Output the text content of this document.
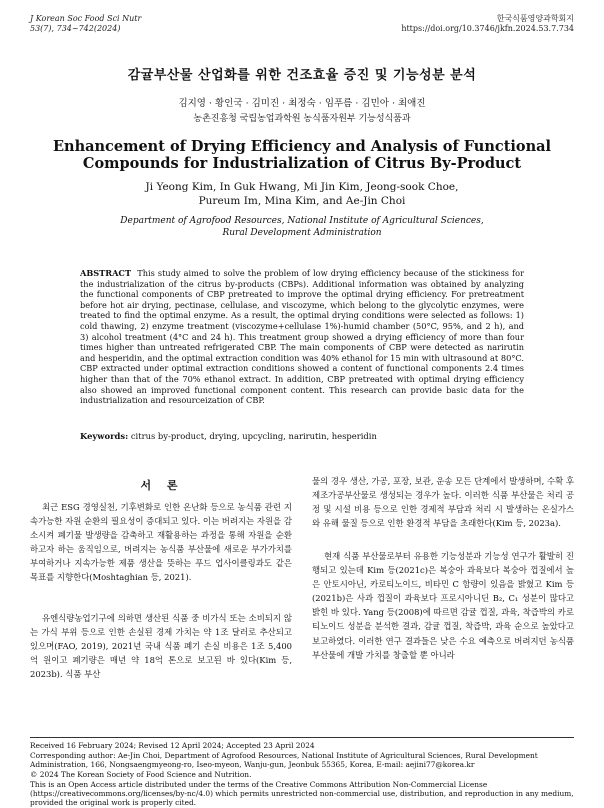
J Korean Soc Food Sci Nutr
53(7), 734~742(2024)
한국식품영양과학회지
https://doi.org/10.3746/jkfn.2024.53.7.734
감귤부산물 산업화를 위한 건조효율 증진 및 기능성분 분석
김지영 · 황인국 · 김미진 · 최정숙 · 임푸름 · 김민아 · 최애진
농촌진흥청 국립농업과학원 농식품자원부 기능성식품과
Enhancement of Drying Efficiency and Analysis of Functional
Compounds for Industrialization of Citrus By-Product
Ji Yeong Kim, In Guk Hwang, Mi Jin Kim, Jeong-sook Choe,
Pureum Im, Mina Kim, and Ae-Jin Choi
Department of Agrofood Resources, National Institute of Agricultural Sciences,
Rural Development Administration
ABSTRACT This study aimed to solve the problem of low drying efficiency because of the stickiness for the industrialization of the citrus by-products (CBPs). Additional information was obtained by analyzing the functional components of CBP pretreated to improve the optimal drying efficiency. For pretreatment before hot air drying, pectinase, cellulase, and viscozyme, which belong to the glycolytic enzymes, were treated to find the optimal enzyme. As a result, the optimal drying conditions were selected as follows: 1) cold thawing, 2) enzyme treatment (viscozyme+cellulase 1%)-humid chamber (50°C, 95%, and 2 h), and 3) alcohol treatment (4°C and 24 h). This treatment group showed a drying efficiency of more than four times higher than untreated refrigerated CBP. The main components of CBP were detected as narirutin and hesperidin, and the optimal extraction condition was 40% ethanol for 15 min with ultrasound at 80°C. CBP extracted under optimal extraction conditions showed a content of functional components 2.4 times higher than that of the 70% ethanol extract. In addition, CBP pretreated with optimal drying efficiency also showed an improved functional component content. This research can provide basic data for the industrialization and resourceization of CBP.
Keywords: citrus by-product, drying, upcycling, narirutin, hesperidin
서 론

최근 ESG 경영실천, 기후변화로 인한 온난화 등으로 농식품 관련 지속가능한 자원 순환의 필요성이 증대되고 있다. 이는 버려지는 자원을 감소시켜 폐기물 발생량을 감축하고 재활용하는 과정을 통해 자원을 순환하고자 하는 움직임으로, 버려지는 농식품 부산물에 새로운 부가가치를 부여하거나 지속가능한 제품 생산을 뜻하는 푸드 업사이클링과도 같은 목표를 지향한다(Moshtaghian 등, 2021).

유엔식량농업기구에 의하면 생산된 식품 중 비가식 또는 소비되지 않는 가식 부위 등으로 인한 손실된 경제 가치는 약 1조 달러로 추산되고 있으며(FAO, 2019), 2021년 국내 식품 폐기 손실 비용은 1조 5,400억 원이고 폐기량은 매년 약 18억 톤으로 보고된 바 있다(Kim 등, 2023b). 식품 부산

물의 경우 생산, 가공, 포장, 보관, 운송 모든 단계에서 발생하며, 수확 후 제조가공부산물로 생성되는 경우가 높다. 이러한 식품 부산물은 처리 공정 및 시설 비용 등으로 인한 경제적 부담과 처리 시 발생하는 온실가스와 유해 물질 등으로 인한 환경적 부담을 초래한다(Kim 등, 2023a).

현재 식품 부산물로부터 유용한 기능성분과 기능성 연구가 활발히 진행되고 있는데 Kim 등(2021c)은 복숭아 과육보다 복숭아 껍질에서 높은 안토시아닌, 카로티노이드, 비타민 C 함량이 있음을 밝혔고 Kim 등(2021b)은 사과 껍질이 과육보다 프로시아니딘 B₂, C₁ 성분이 많다고 밝힌 바 있다. Yang 등(2008)에 따르면 감귤 껍질, 과육, 착즙박의 카로티노이드 성분을 분석한 결과, 감귤 껍질, 착즙박, 과육 순으로 높았다고 보고하였다. 이러한 연구 결과들은 낮은 수요 예측으로 버려지던 농식품 부산물에 개발 가치를 창출할 뿐 아니라

Received 16 February 2024; Revised 12 April 2024; Accepted 23 April 2024
Corresponding author: Ae-Jin Choi, Department of Agrofood Resources, National Institute of Agricultural Sciences, Rural Development Administration, 166, Nongsaengmyeong-ro, Iseo-myeon, Wanju-gun, Jeonbuk 55365, Korea, E-mail: aejini77@korea.kr
© 2024 The Korean Society of Food Science and Nutrition.
This is an Open Access article distributed under the terms of the Creative Commons Attribution Non-Commercial License (https://creativecommons.org/licenses/by-nc/4.0) which permits unrestricted non-commercial use, distribution, and reproduction in any medium, provided the original work is properly cited.
